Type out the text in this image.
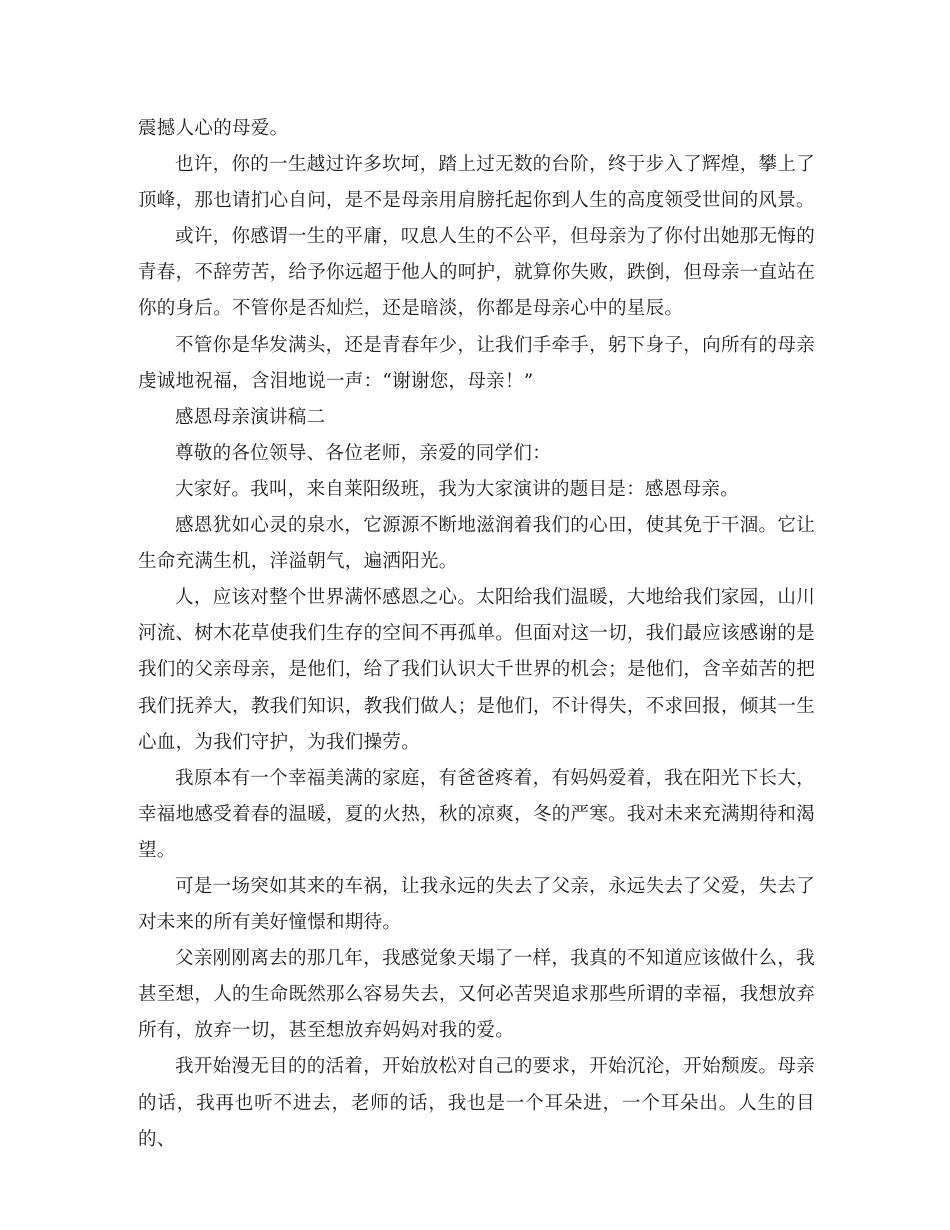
震撼人心的母爱。

也许，你的一生越过许多坎坷，踏上过无数的台阶，终于步入了辉煌，攀上了顶峰，那也请扪心自问，是不是母亲用肩膀托起你到人生的高度领受世间的风景。

或许，你感谓一生的平庸，叹息人生的不公平，但母亲为了你付出她那无悔的青春，不辞劳苦，给予你远超于他人的呵护，就算你失败，跌倒，但母亲一直站在你的身后。不管你是否灿烂，还是暗淡，你都是母亲心中的星辰。

不管你是华发满头，还是青春年少，让我们手牵手，躬下身子，向所有的母亲虔诚地祝福，含泪地说一声：“谢谢您，母亲！”

感恩母亲演讲稿二

尊敬的各位领导、各位老师，亲爱的同学们：

大家好。我叫，来自莱阳级班，我为大家演讲的题目是：感恩母亲。

感恩犹如心灵的泉水，它源源不断地滋润着我们的心田，使其免于干涸。它让生命充满生机，洋溢朝气，遍洒阳光。

人，应该对整个世界满怀感恩之心。太阳给我们温暖，大地给我们家园，山川河流、树木花草使我们生存的空间不再孤单。但面对这一切，我们最应该感谢的是我们的父亲母亲，是他们，给了我们认识大千世界的机会；是他们，含辛茹苦的把我们抚养大，教我们知识，教我们做人；是他们，不计得失，不求回报，倾其一生心血，为我们守护，为我们操劳。

我原本有一个幸福美满的家庭，有爸爸疼着，有妈妈爱着，我在阳光下长大，幸福地感受着春的温暖，夏的火热，秋的凉爽，冬的严寒。我对未来充满期待和渴望。

可是一场突如其来的车祸，让我永远的失去了父亲，永远失去了父爱，失去了对未来的所有美好憧憬和期待。

父亲刚刚离去的那几年，我感觉象天塌了一样，我真的不知道应该做什么，我甚至想，人的生命既然那么容易失去，又何必苦哭追求那些所谓的幸福，我想放弃所有，放弃一切，甚至想放弃妈妈对我的爱。

我开始漫无目的的活着，开始放松对自己的要求，开始沉沦，开始颓废。母亲的话，我再也听不进去，老师的话，我也是一个耳朵进，一个耳朵出。人生的目的、
